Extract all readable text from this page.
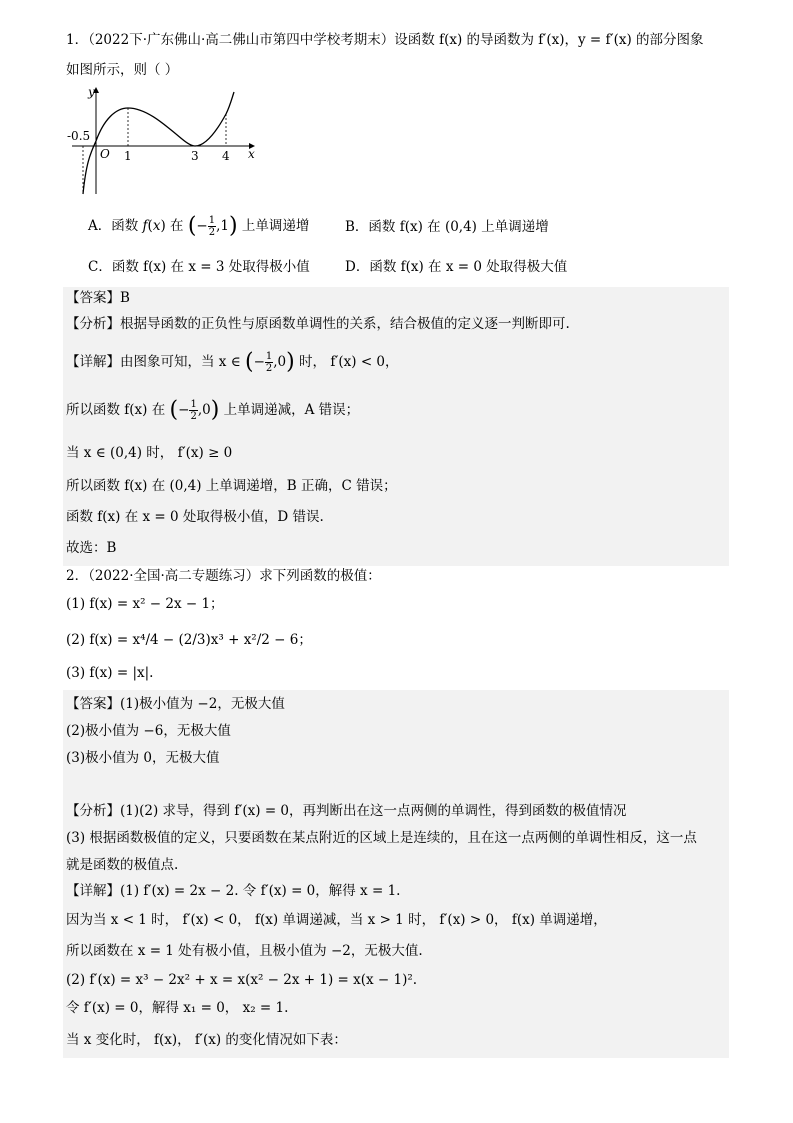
1．（2022下·广东佛山·高二佛山市第四中学校考期末）设函数 f(x) 的导函数为 f′(x)，y = f′(x) 的部分图象
如图所示，则（ ）
y
x
O
-0.5
1	3 4
A．函数 f(x) 在 (− $\frac{1}{2} ,1$) 上单调递增	B．函数 f(x) 在 (0,4) 上单调递增
C．函数 f(x) 在 x = 3 处取得极小值	D．函数 f(x) 在 x = 0 处取得极大值
【答案】B
【分析】根据导函数的正负性与原函数单调性的关系，结合极值的定义逐一判断即可.
【详解】由图象可知，当 x ∈ (− $\frac{1}{2} ,0$) 时， f′(x) < 0，
所以函数 f(x) 在 (− $\frac{1}{2} ,0$) 上单调递减，A 错误；
当 x ∈ (0,4) 时， f′(x) ≥ 0
所以函数 f(x) 在 (0,4) 上单调递增，B 正确，C 错误；
函数 f(x) 在 x = 0 处取得极小值，D 错误.
故选：B
2．（2022·全国·高二专题练习）求下列函数的极值：
(1) f(x) = x² − 2x − 1；
(2) f(x) = x⁴/4 − (2/3)x³ + x²/2 − 6；
(3) f(x) = |x|.
【答案】(1)极小值为 −2，无极大值
(2)极小值为 −6，无极大值
(3)极小值为 0，无极大值
【分析】(1)(2) 求导，得到 f′(x) = 0，再判断出在这一点两侧的单调性，得到函数的极值情况
(3) 根据函数极值的定义，只要函数在某点附近的区域上是连续的，且在这一点两侧的单调性相反，这一点
就是函数的极值点.
【详解】(1) f′(x) = 2x − 2. 令 f′(x) = 0，解得 x = 1.
因为当 x < 1 时， f′(x) < 0， f(x) 单调递减，当 x > 1 时， f′(x) > 0， f(x) 单调递增，
所以函数在 x = 1 处有极小值，且极小值为 −2，无极大值.
(2) f′(x) = x³ − 2x² + x = x(x² − 2x + 1) = x(x − 1)².
令 f′(x) = 0，解得 x₁ = 0， x₂ = 1.
当 x 变化时， f(x)， f′(x) 的变化情况如下表：
